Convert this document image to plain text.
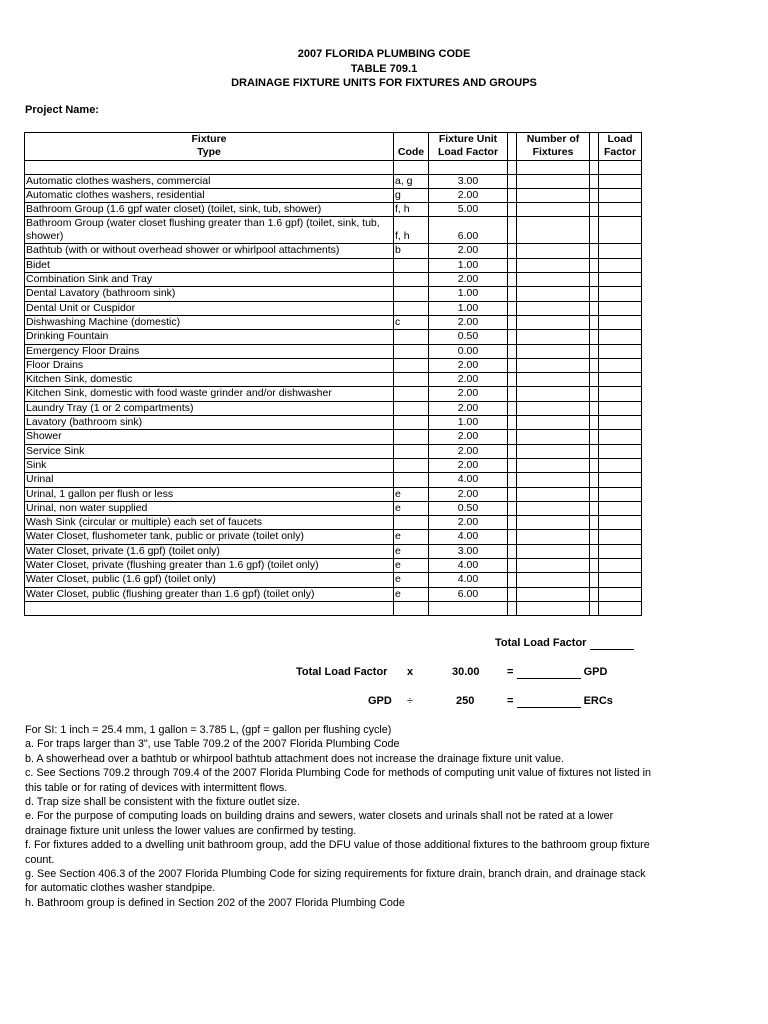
2007 FLORIDA PLUMBING CODE
TABLE 709.1
DRAINAGE FIXTURE UNITS FOR FIXTURES AND GROUPS
Project Name:
Fixture		Fixture Unit		Number of		Load
Type	Code	Load Factor		Fixtures		Factor

Automatic clothes washers, commercial	a, g	3.00				
Automatic clothes washers, residential	g	2.00				
Bathroom Group (1.6 gpf water closet) (toilet, sink, tub, shower)	f, h	5.00				
Bathroom Group (water closet flushing greater than 1.6 gpf) (toilet, sink, tub, shower)	f, h	6.00				
Bathtub (with or without overhead shower or whirlpool attachments)	b	2.00				
Bidet		1.00				
Combination Sink and Tray		2.00				
Dental Lavatory (bathroom sink)		1.00				
Dental Unit or Cuspidor		1.00				
Dishwashing Machine (domestic)	c	2.00				
Drinking Fountain		0.50				
Emergency Floor Drains		0.00				
Floor Drains		2.00				
Kitchen Sink, domestic		2.00				
Kitchen Sink, domestic with food waste grinder and/or dishwasher		2.00				
Laundry Tray (1 or 2 compartments)		2.00				
Lavatory (bathroom sink)		1.00				
Shower		2.00				
Service Sink		2.00				
Sink		2.00				
Urinal		4.00				
Urinal, 1 gallon per flush or less	e	2.00				
Urinal, non water supplied	e	0.50				
Wash Sink (circular or multiple) each set of faucets		2.00				
Water Closet, flushometer tank, public or private (toilet only)	e	4.00				
Water Closet, private (1.6 gpf) (toilet only)	e	3.00				
Water Closet, private (flushing greater than 1.6 gpf) (toilet only)	e	4.00				
Water Closet, public (1.6 gpf) (toilet only)	e	4.00				
Water Closet, public (flushing greater than 1.6 gpf) (toilet only)	e	6.00				

Total Load Factor
Total Load Factor x	30.00 =	GPD
GPD ÷	250	=	ERCs
For SI: 1 inch = 25.4 mm, 1 gallon = 3.785 L, (gpf = gallon per flushing cycle)
a. For traps larger than 3", use Table 709.2 of the 2007 Florida Plumbing Code
b. A showerhead over a bathtub or whirpool bathtub attachment does not increase the drainage fixture unit value.
c. See Sections 709.2 through 709.4 of the 2007 Florida Plumbing Code for methods of computing unit value of fixtures not listed in this table or for rating of devices with intermittent flows.
d. Trap size shall be consistent with the fixture outlet size.
e. For the purpose of computing loads on building drains and sewers, water closets and urinals shall not be rated at a lower drainage fixture unit unless the lower values are confirmed by testing.
f. For fixtures added to a dwelling unit bathroom group, add the DFU value of those additional fixtures to the bathroom group fixture count.
g. See Section 406.3 of the 2007 Florida Plumbing Code for sizing requirements for fixture drain, branch drain, and drainage stack for automatic clothes washer standpipe.
h. Bathroom group is defined in Section 202 of the 2007 Florida Plumbing Code
